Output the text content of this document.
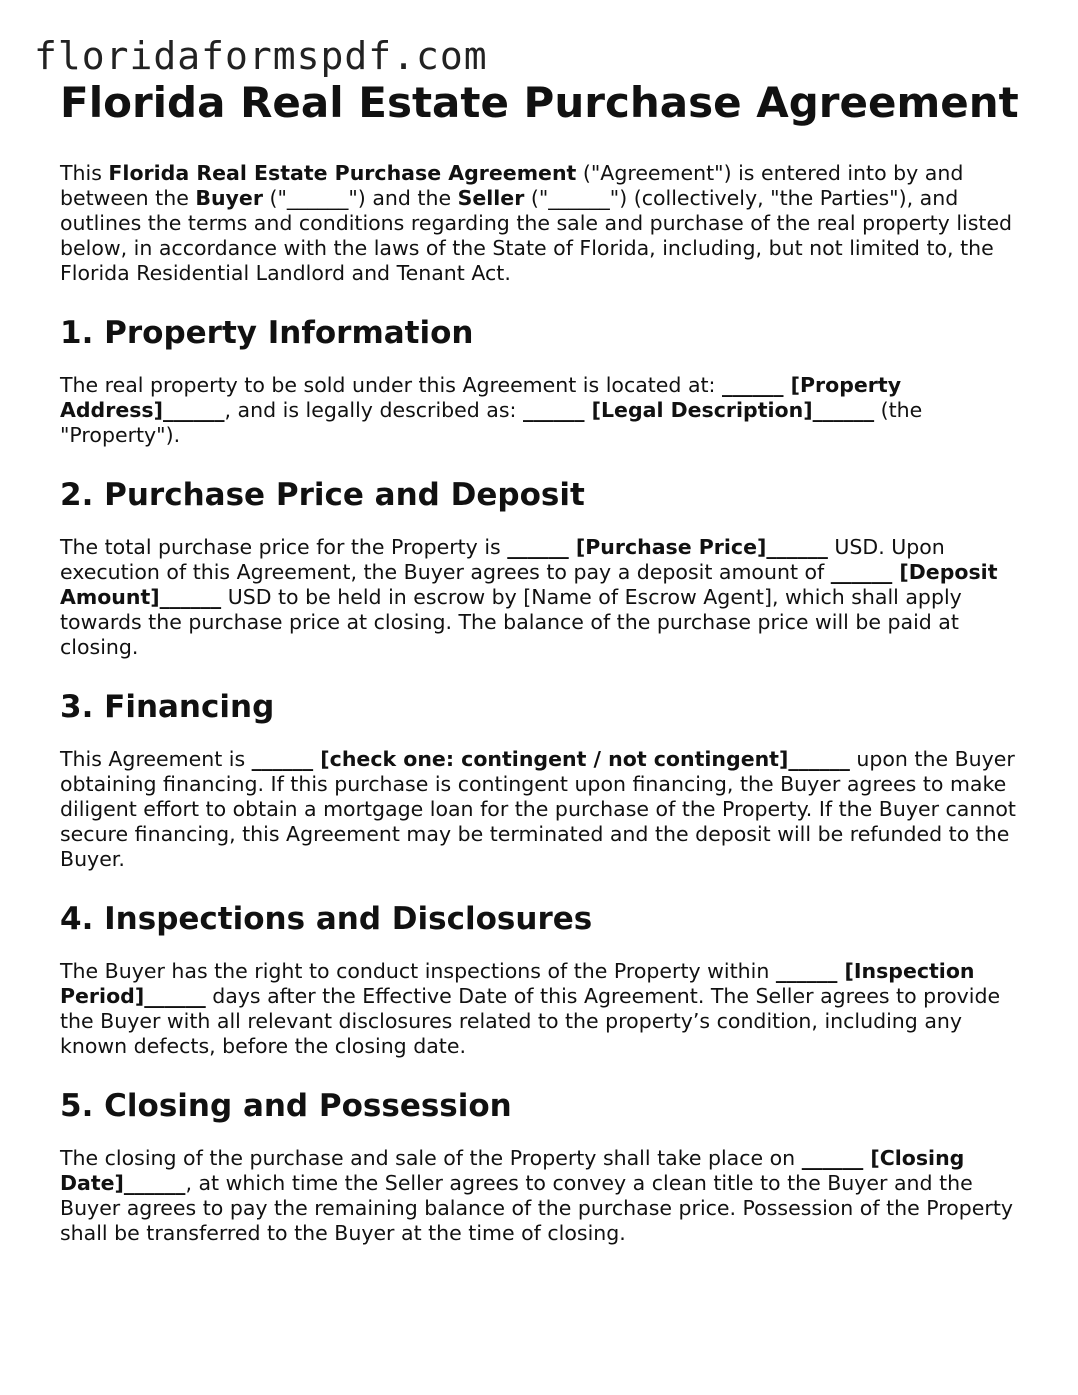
floridaformspdf.com
Florida Real Estate Purchase Agreement

This Florida Real Estate Purchase Agreement ("Agreement") is entered into by and between the Buyer ("______") and the Seller ("______") (collectively, "the Parties"), and outlines the terms and conditions regarding the sale and purchase of the real property listed below, in accordance with the laws of the State of Florida, including, but not limited to, the Florida Residential Landlord and Tenant Act.

1. Property Information

The real property to be sold under this Agreement is located at: ______ [Property Address]______, and is legally described as: ______ [Legal Description]______ (the "Property").

2. Purchase Price and Deposit

The total purchase price for the Property is ______ [Purchase Price]______ USD. Upon execution of this Agreement, the Buyer agrees to pay a deposit amount of ______ [Deposit Amount]______ USD to be held in escrow by [Name of Escrow Agent], which shall apply towards the purchase price at closing. The balance of the purchase price will be paid at closing.

3. Financing

This Agreement is ______ [check one: contingent / not contingent]______ upon the Buyer obtaining financing. If this purchase is contingent upon financing, the Buyer agrees to make diligent effort to obtain a mortgage loan for the purchase of the Property. If the Buyer cannot secure financing, this Agreement may be terminated and the deposit will be refunded to the Buyer.

4. Inspections and Disclosures

The Buyer has the right to conduct inspections of the Property within ______ [Inspection Period]______ days after the Effective Date of this Agreement. The Seller agrees to provide the Buyer with all relevant disclosures related to the property’s condition, including any known defects, before the closing date.

5. Closing and Possession

The closing of the purchase and sale of the Property shall take place on ______ [Closing Date]______, at which time the Seller agrees to convey a clean title to the Buyer and the Buyer agrees to pay the remaining balance of the purchase price. Possession of the Property shall be transferred to the Buyer at the time of closing.
